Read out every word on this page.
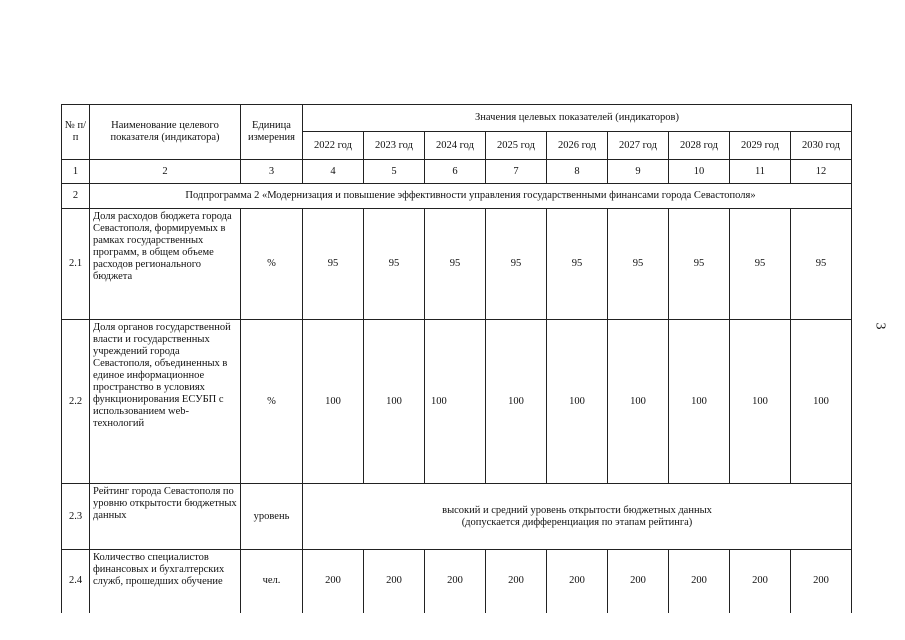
3
№ п/п	Наименование целевого показателя (индикатора)	Единица измерения	Значения целевых показателей (индикаторов)								
			2022 год	2023 год	2024 год	2025 год	2026 год	2027 год	2028 год	2029 год	2030 год
1	2	3	4	5	6	7	8	9	10	11	12
2	Подпрограмма 2 «Модернизация и повышение эффективности управления государственными финансами города Севастополя»										
2.1	Доля расходов бюджета города Севастополя, формируемых в рамках государственных программ, в общем объеме расходов регионального бюджета	%	95	95	95	95	95	95	95	95	95
2.2	Доля органов государственной власти и государственных учреждений города Севастополя, объединенных в единое информационное пространство в условиях функционирования ЕСУБП с использованием web-технологий	%	100	100	100	100	100	100	100	100	100
2.3	Рейтинг города Севастополя по уровню открытости бюджетных данных	уровень	высокий и средний уровень открытости бюджетных данных
(допускается дифференциация по этапам рейтинга)								

2.4	Количество специалистов финансовых и бухгалтерских служб, прошедших обучение	чел.	200	200	200	200	200	200	200	200	200
